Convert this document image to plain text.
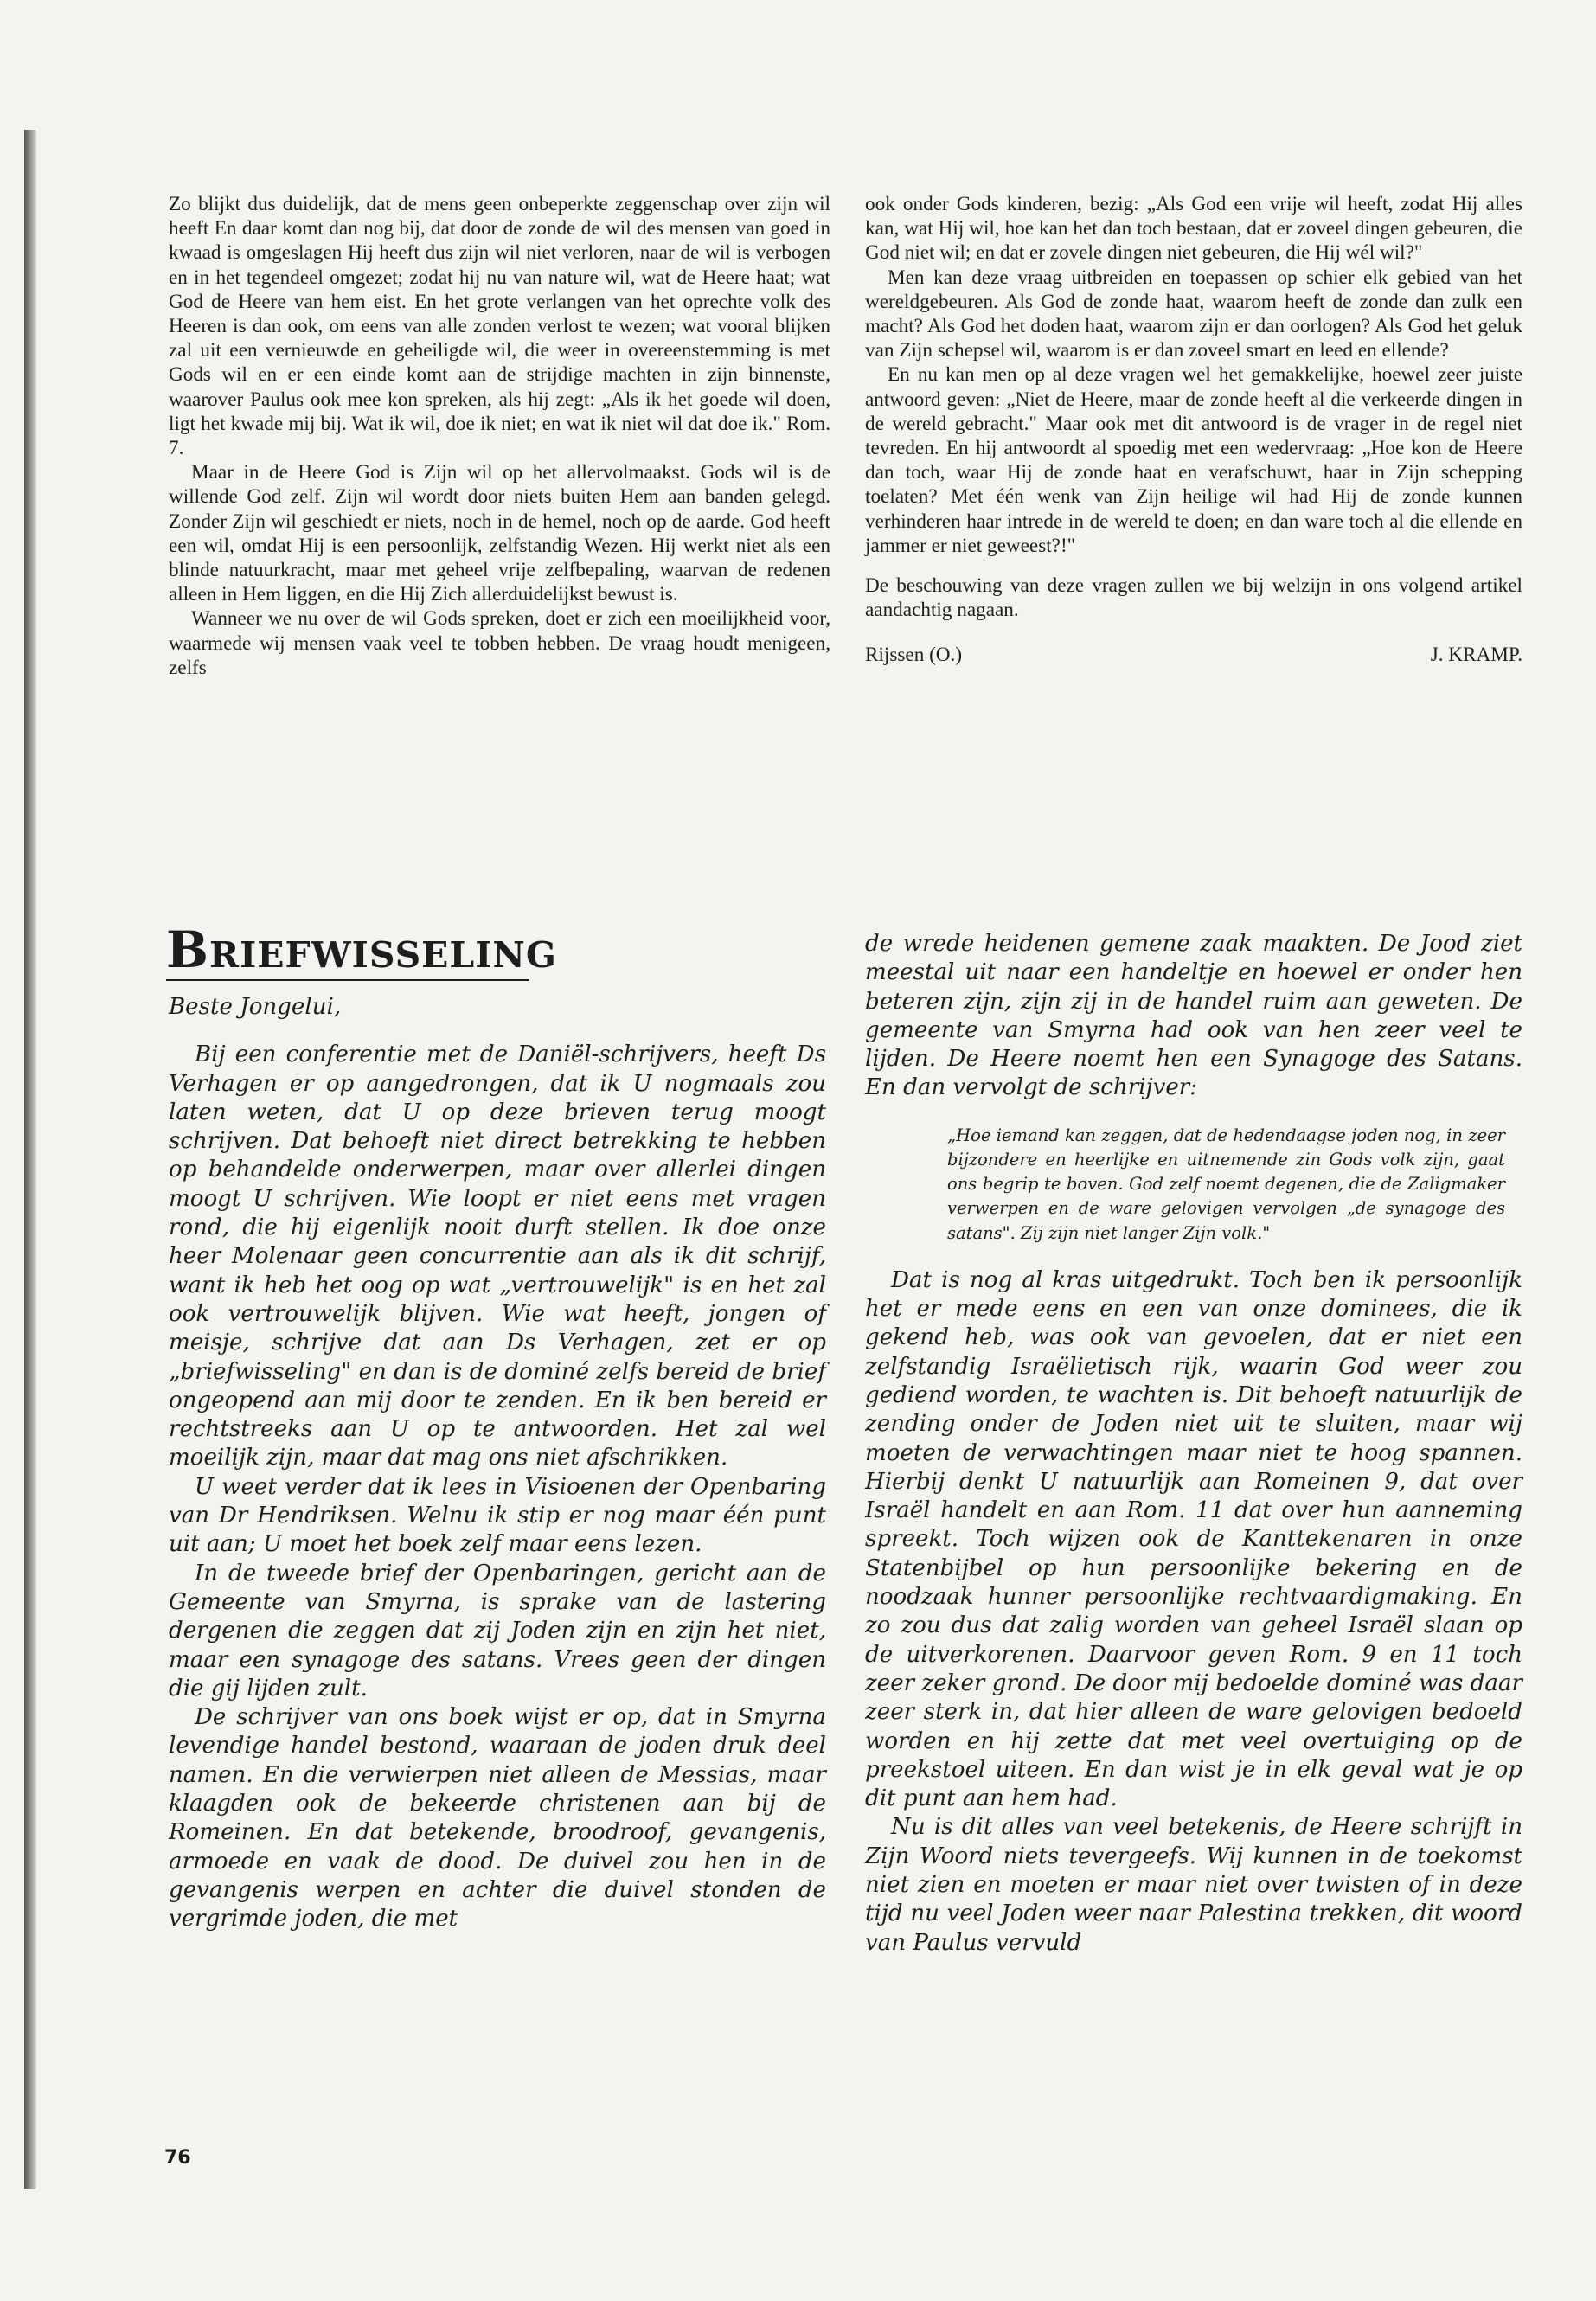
Zo blijkt dus duidelijk, dat de mens geen onbeperkte zeggenschap over zijn wil heeft En daar komt dan nog bij, dat door de zonde de wil des mensen van goed in kwaad is omgeslagen Hij heeft dus zijn wil niet verloren, naar de wil is verbogen en in het tegendeel omgezet; zodat hij nu van nature wil, wat de Heere haat; wat God de Heere van hem eist. En het grote verlangen van het oprechte volk des Heeren is dan ook, om eens van alle zonden verlost te wezen; wat vooral blijken zal uit een vernieuwde en geheiligde wil, die weer in overeenstemming is met Gods wil en er een einde komt aan de strijdige machten in zijn binnenste, waarover Paulus ook mee kon spreken, als hij zegt: „Als ik het goede wil doen, ligt het kwade mij bij. Wat ik wil, doe ik niet; en wat ik niet wil dat doe ik." Rom. 7.

Maar in de Heere God is Zijn wil op het allervolmaakst. Gods wil is de willende God zelf. Zijn wil wordt door niets buiten Hem aan banden gelegd. Zonder Zijn wil geschiedt er niets, noch in de hemel, noch op de aarde. God heeft een wil, omdat Hij is een persoonlijk, zelfstandig Wezen. Hij werkt niet als een blinde natuurkracht, maar met geheel vrije zelfbepaling, waarvan de redenen alleen in Hem liggen, en die Hij Zich allerduidelijkst bewust is.

Wanneer we nu over de wil Gods spreken, doet er zich een moeilijkheid voor, waarmede wij mensen vaak veel te tobben hebben. De vraag houdt menigeen, zelfs

ook onder Gods kinderen, bezig: „Als God een vrije wil heeft, zodat Hij alles kan, wat Hij wil, hoe kan het dan toch bestaan, dat er zoveel dingen gebeuren, die God niet wil; en dat er zovele dingen niet gebeuren, die Hij wél wil?"

Men kan deze vraag uitbreiden en toepassen op schier elk gebied van het wereldgebeuren. Als God de zonde haat, waarom heeft de zonde dan zulk een macht? Als God het doden haat, waarom zijn er dan oorlogen? Als God het geluk van Zijn schepsel wil, waarom is er dan zoveel smart en leed en ellende?

En nu kan men op al deze vragen wel het gemakkelijke, hoewel zeer juiste antwoord geven: „Niet de Heere, maar de zonde heeft al die verkeerde dingen in de wereld gebracht." Maar ook met dit antwoord is de vrager in de regel niet tevreden. En hij antwoordt al spoedig met een wedervraag: „Hoe kon de Heere dan toch, waar Hij de zonde haat en verafschuwt, haar in Zijn schepping toelaten? Met één wenk van Zijn heilige wil had Hij de zonde kunnen verhinderen haar intrede in de wereld te doen; en dan ware toch al die ellende en jammer er niet geweest?!"

De beschouwing van deze vragen zullen we bij welzijn in ons volgend artikel aandachtig nagaan.

Rijssen (O.)	J. KRAMP.
Briefwisseling

Beste Jongelui,

Bij een conferentie met de Daniël-schrijvers, heeft Ds Verhagen er op aangedrongen, dat ik U nogmaals zou laten weten, dat U op deze brieven terug moogt schrijven. Dat behoeft niet direct betrekking te hebben op behandelde onderwerpen, maar over allerlei dingen moogt U schrijven. Wie loopt er niet eens met vragen rond, die hij eigenlijk nooit durft stellen. Ik doe onze heer Molenaar geen concurrentie aan als ik dit schrijf, want ik heb het oog op wat „vertrouwelijk" is en het zal ook vertrouwelijk blijven. Wie wat heeft, jongen of meisje, schrijve dat aan Ds Verhagen, zet er op „briefwisseling" en dan is de dominé zelfs bereid de brief ongeopend aan mij door te zenden. En ik ben bereid er rechtstreeks aan U op te antwoorden. Het zal wel moeilijk zijn, maar dat mag ons niet afschrikken.

U weet verder dat ik lees in Visioenen der Openbaring van Dr Hendriksen. Welnu ik stip er nog maar één punt uit aan; U moet het boek zelf maar eens lezen.

In de tweede brief der Openbaringen, gericht aan de Gemeente van Smyrna, is sprake van de lastering dergenen die zeggen dat zij Joden zijn en zijn het niet, maar een synagoge des satans. Vrees geen der dingen die gij lijden zult.

De schrijver van ons boek wijst er op, dat in Smyrna levendige handel bestond, waaraan de joden druk deel namen. En die verwierpen niet alleen de Messias, maar klaagden ook de bekeerde christenen aan bij de Romeinen. En dat betekende, broodroof, gevangenis, armoede en vaak de dood. De duivel zou hen in de gevangenis werpen en achter die duivel stonden de vergrimde joden, die met

de wrede heidenen gemene zaak maakten. De Jood ziet meestal uit naar een handeltje en hoewel er onder hen beteren zijn, zijn zij in de handel ruim aan geweten. De gemeente van Smyrna had ook van hen zeer veel te lijden. De Heere noemt hen een Synagoge des Satans. En dan vervolgt de schrijver:

„Hoe iemand kan zeggen, dat de hedendaagse joden nog, in zeer bijzondere en heerlijke en uitnemende zin Gods volk zijn, gaat ons begrip te boven. God zelf noemt degenen, die de Zaligmaker verwerpen en de ware gelovigen vervolgen „de synagoge des satans". Zij zijn niet langer Zijn volk."

Dat is nog al kras uitgedrukt. Toch ben ik persoonlijk het er mede eens en een van onze dominees, die ik gekend heb, was ook van gevoelen, dat er niet een zelfstandig Israëlietisch rijk, waarin God weer zou gediend worden, te wachten is. Dit behoeft natuurlijk de zending onder de Joden niet uit te sluiten, maar wij moeten de verwachtingen maar niet te hoog spannen. Hierbij denkt U natuurlijk aan Romeinen 9, dat over Israël handelt en aan Rom. 11 dat over hun aanneming spreekt. Toch wijzen ook de Kanttekenaren in onze Statenbijbel op hun persoonlijke bekering en de noodzaak hunner persoonlijke rechtvaardigmaking. En zo zou dus dat zalig worden van geheel Israël slaan op de uitverkorenen. Daarvoor geven Rom. 9 en 11 toch zeer zeker grond. De door mij bedoelde dominé was daar zeer sterk in, dat hier alleen de ware gelovigen bedoeld worden en hij zette dat met veel overtuiging op de preekstoel uiteen. En dan wist je in elk geval wat je op dit punt aan hem had.

Nu is dit alles van veel betekenis, de Heere schrijft in Zijn Woord niets tevergeefs. Wij kunnen in de toekomst niet zien en moeten er maar niet over twisten of in deze tijd nu veel Joden weer naar Palestina trekken, dit woord van Paulus vervuld

76
